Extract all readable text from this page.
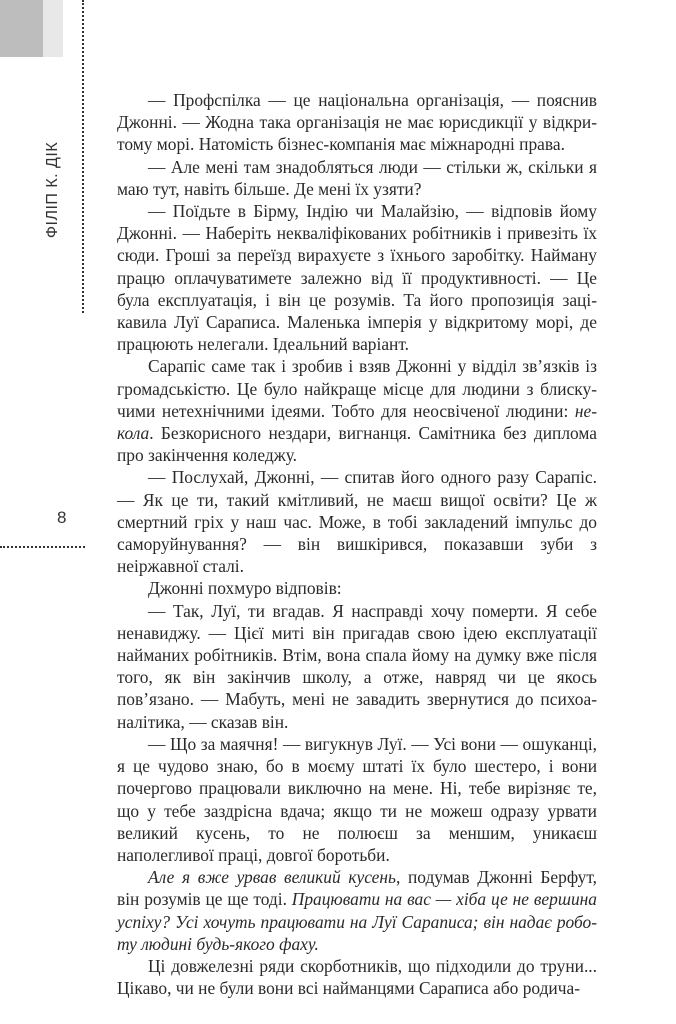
ФІЛІП К. ДІК
8

— Профспілка — це національна організація, — пояснив Джонні. — Жодна така організація не має юрисдикції у відкритому морі. Натомість бізнес-компанія має міжнародні права.

— Але мені там знадобляться люди — стільки ж, скільки я маю тут, навіть більше. Де мені їх узяти?

— Поїдьте в Бірму, Індію чи Малайзію, — відповів йому Джонні. — Наберіть некваліфікованих робітників і привезіть їх сюди. Гроші за переїзд вирахуєте з їхнього заробітку. Найману працю оплачуватимете залежно від її продуктивності. — Це була експлуатація, і він це розумів. Та його пропозиція зацікавила Луї Сараписа. Маленька імперія у відкритому морі, де працюють нелегали. Ідеальний варіант.

Сарапіс саме так і зробив і взяв Джонні у відділ зв’язків із громадськістю. Це було найкраще місце для людини з блискучими нетехнічними ідеями. Тобто для неосвіченої людини: некола. Безкорисного нездари, вигнанця. Самітника без диплома про закінчення коледжу.

— Послухай, Джонні, — спитав його одного разу Сарапіс. — Як це ти, такий кмітливий, не маєш вищої освіти? Це ж смертний гріх у наш час. Може, в тобі закладений імпульс до саморуйнування? — він вишкірився, показавши зуби з неіржавної сталі.

Джонні похмуро відповів:

— Так, Луї, ти вгадав. Я насправді хочу померти. Я себе ненавиджу. — Цієї миті він пригадав свою ідею експлуатації найманих робітників. Втім, вона спала йому на думку вже після того, як він закінчив школу, а отже, навряд чи це якось пов’язано. — Мабуть, мені не завадить звернутися до психоаналітика, — сказав він.

— Що за маячня! — вигукнув Луї. — Усі вони — ошуканці, я це чудово знаю, бо в моєму штаті їх було шестеро, і вони почергово працювали виключно на мене. Ні, тебе вирізняє те, що у тебе заздрісна вдача; якщо ти не можеш одразу урвати великий кусень, то не полюєш за меншим, уникаєш наполегливої праці, довгої боротьби.

Але я вже урвав великий кусень, подумав Джонні Берфут, він розумів це ще тоді. Працювати на вас — хіба це не вершина успіху? Усі хочуть працювати на Луї Сараписа; він надає роботу людині будь-якого фаху.

Ці довжелезні ряди скорботників, що підходили до труни... Цікаво, чи не були вони всі найманцями Сараписа або родича-
